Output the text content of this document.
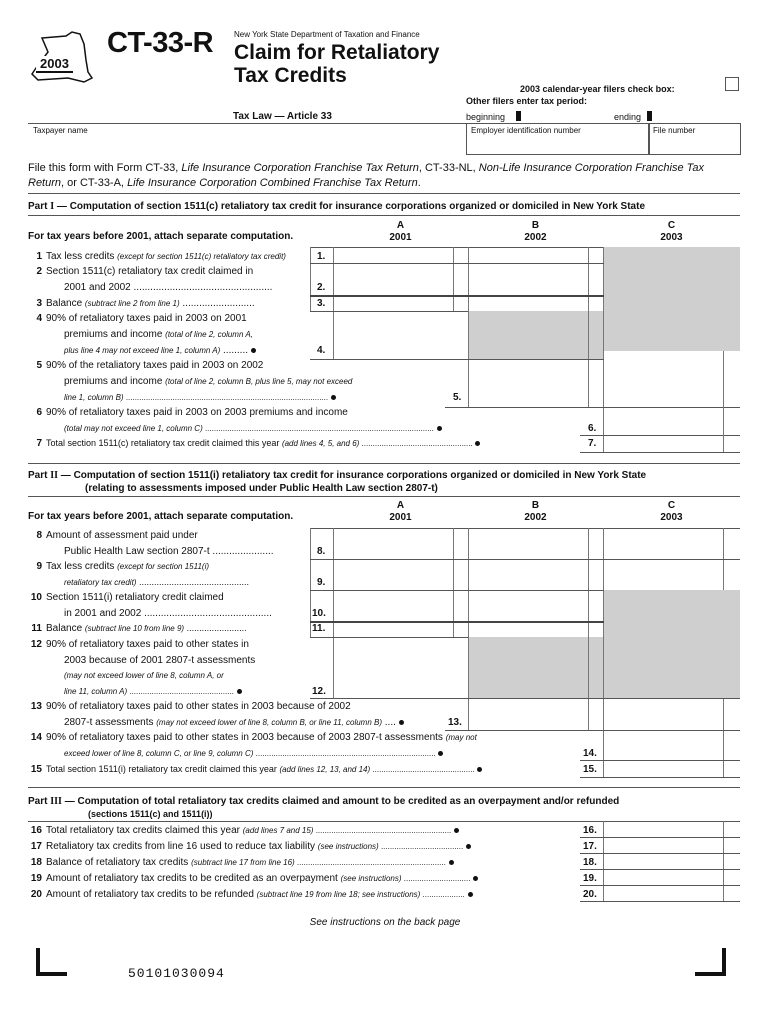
2003
CT-33-R	New York State Department of Taxation and Finance
Claim for Retaliatory
Tax Credits
2003 calendar-year filers check box:
Other filers enter tax period:
Tax Law — Article 33	beginning	ending
Taxpayer name	Employer identification number	File number
File this form with Form CT-33, Life Insurance Corporation Franchise Tax Return, CT-33-NL, Non-Life Insurance Corporation Franchise Tax
Return, or CT-33-A, Life Insurance Corporation Combined Franchise Tax Return.
Part I — Computation of section 1511(c) retaliatory tax credit for insurance corporations organized or domiciled in New York State
For tax years before 2001, attach separate computation.
A
2001
B
2002
C
2003
1 Tax less credits (except for section 1511(c) retaliatory tax credit)	1.
2 Section 1511(c) retaliatory tax credit claimed in
2001 and 2002 ..................................................	2.
3 Balance (subtract line 2 from line 1) ..........................	3.
4 90% of retaliatory taxes paid in 2003 on 2001
premiums and income (total of line 2, column A,
plus line 4 may not exceed line 1, column A) .........	4.
5 90% of the retaliatory taxes paid in 2003 on 2002
premiums and income (total of line 2, column B, plus line 5, may not exceed
line 1, column B) ...........................................................................................	5.
6 90% of retaliatory taxes paid in 2003 on 2003 premiums and income
(total may not exceed line 1, column C) .......................................................................................................	6.
7 Total section 1511(c) retaliatory tax credit claimed this year (add lines 4, 5, and 6) ..................................................	7.
Part II — Computation of section 1511(i) retaliatory tax credit for insurance corporations organized or domiciled in New York State
(relating to assessments imposed under Public Health Law section 2807-t)
For tax years before 2001, attach separate computation.
A
2001
B
2002
C
2003
8 Amount of assessment paid under
Public Health Law section 2807-t ......................	8.
9 Tax less credits (except for section 1511(i)
retaliatory tax credit) ............................................	9.
10 Section 1511(i) retaliatory credit claimed
in 2001 and 2002 ..............................................	10.
11 Balance (subtract line 10 from line 9) ........................	11.
12 90% of retaliatory taxes paid to other states in
2003 because of 2001 2807-t assessments
(may not exceed lower of line 8, column A, or
line 11, column A) ...............................................	12.
13 90% of retaliatory taxes paid to other states in 2003 because of 2002
2807-t assessments (may not exceed lower of line 8, column B, or line 11, column B) ....	13.
14 90% of retaliatory taxes paid to other states in 2003 because of 2003 2807-t assessments (may not
exceed lower of line 8, column C, or line 9, column C) .................................................................................	14.
15 Total section 1511(i) retaliatory tax credit claimed this year (add lines 12, 13, and 14) ..............................................	15.
Part III — Computation of total retaliatory tax credits claimed and amount to be credited as an overpayment and/or refunded
(sections 1511(c) and 1511(i))
16 Total retaliatory tax credits claimed this year (add lines 7 and 15) .............................................................	16.
17 Retaliatory tax credits from line 16 used to reduce tax liability (see instructions) .....................................	17.
18 Balance of retaliatory tax credits (subtract line 17 from line 16) ...................................................................	18.
19 Amount of retaliatory tax credits to be credited as an overpayment (see instructions) ..............................	19.
20 Amount of retaliatory tax credits to be refunded (subtract line 19 from line 18; see instructions) ...................	20.
See instructions on the back page
50101030094
